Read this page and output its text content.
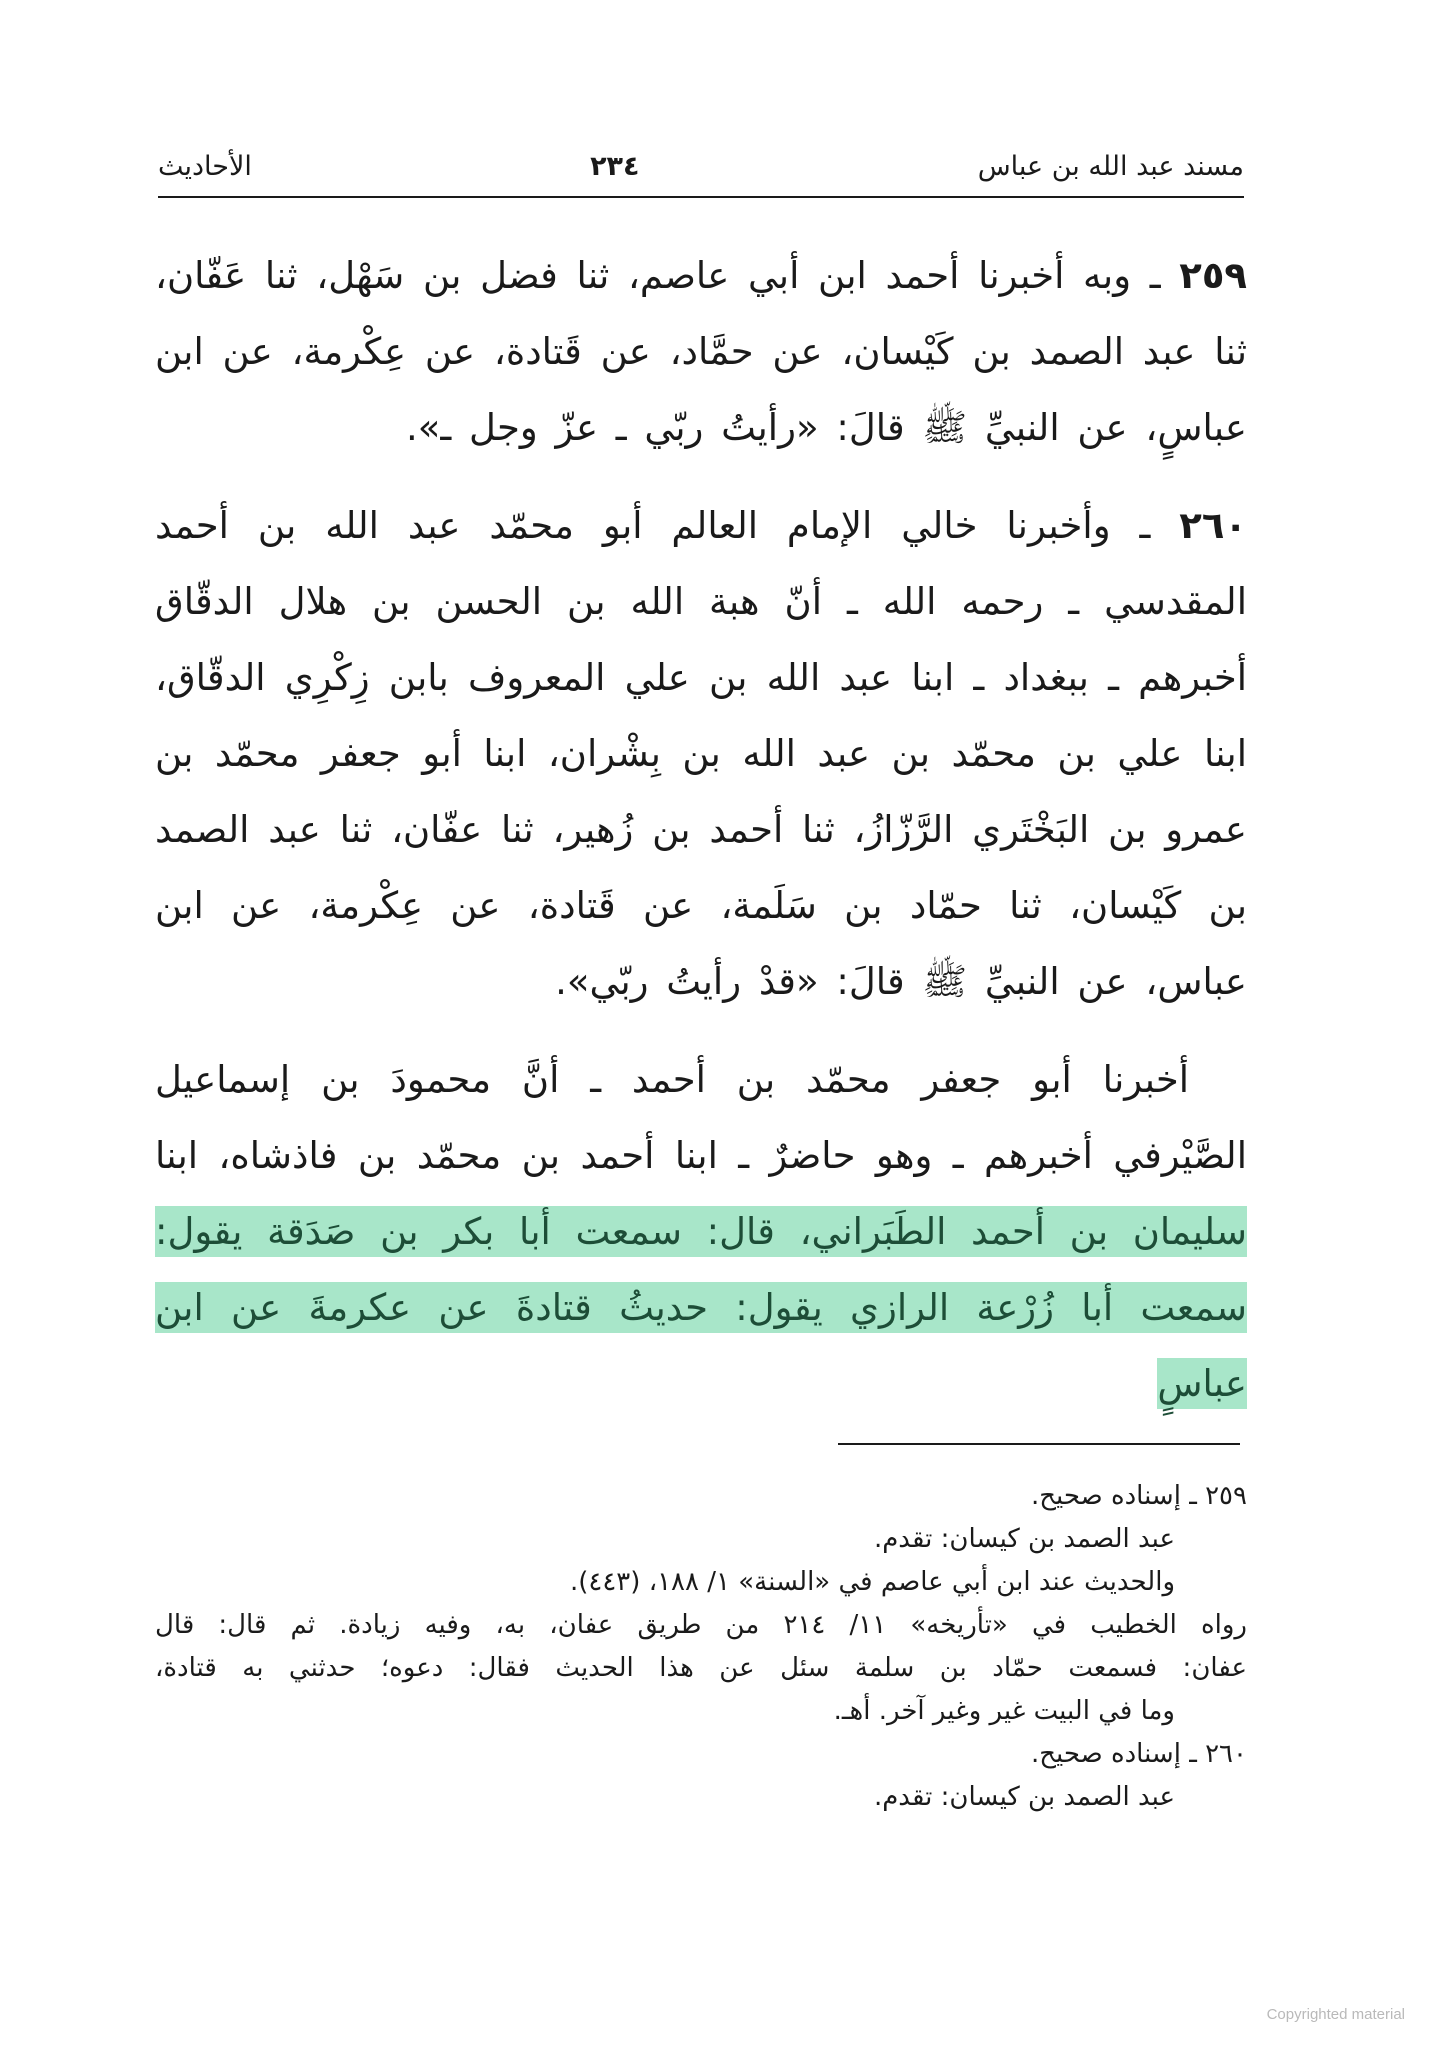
مسند عبد الله بن عباس
٢٣٤
الأحاديث

٢٥٩ ـ وبه أخبرنا أحمد ابن أبي عاصم، ثنا فضل بن سَهْل، ثنا عَفّان، ثنا عبد الصمد بن كَيْسان، عن حمَّاد، عن قَتادة، عن عِكْرمة، عن ابن عباسٍ، عن النبيِّ ﷺ قالَ: «رأيتُ ربّي ـ عزّ وجل ـ».

٢٦٠ ـ وأخبرنا خالي الإمام العالم أبو محمّد عبد الله بن أحمد المقدسي ـ رحمه الله ـ أنّ هبة الله بن الحسن بن هلال الدقّاق أخبرهم ـ ببغداد ـ ابنا عبد الله بن علي المعروف بابن زِكْرِي الدقّاق، ابنا علي بن محمّد بن عبد الله بن بِشْران، ابنا أبو جعفر محمّد بن عمرو بن البَخْتَري الرَّزّازُ، ثنا أحمد بن زُهير، ثنا عفّان، ثنا عبد الصمد بن كَيْسان، ثنا حمّاد بن سَلَمة، عن قَتادة، عن عِكْرمة، عن ابن عباس، عن النبيِّ ﷺ قالَ: «قدْ رأيتُ ربّي».

أخبرنا أبو جعفر محمّد بن أحمد ـ أنَّ محمودَ بن إسماعيل الصَّيْرفي أخبرهم ـ وهو حاضرٌ ـ ابنا أحمد بن محمّد بن فاذشاه، ابنا سليمان بن أحمد الطَبَراني، قال: سمعت أبا بكر بن صَدَقة يقول: سمعت أبا زُرْعة الرازي يقول: حديثُ قتادةَ عن عكرمةَ عن ابن عباسٍ

٢٥٩ ـ إسناده صحيح.
عبد الصمد بن كيسان: تقدم.
والحديث عند ابن أبي عاصم في «السنة» ١/ ١٨٨، (٤٤٣).
رواه الخطيب في «تأريخه» ١١/ ٢١٤ من طريق عفان، به، وفيه زيادة. ثم قال: قال
عفان: فسمعت حمّاد بن سلمة سئل عن هذا الحديث فقال: دعوه؛ حدثني به قتادة،
وما في البيت غير وغير آخر. أهـ.
٢٦٠ ـ إسناده صحيح.
عبد الصمد بن كيسان: تقدم.
Copyrighted material
